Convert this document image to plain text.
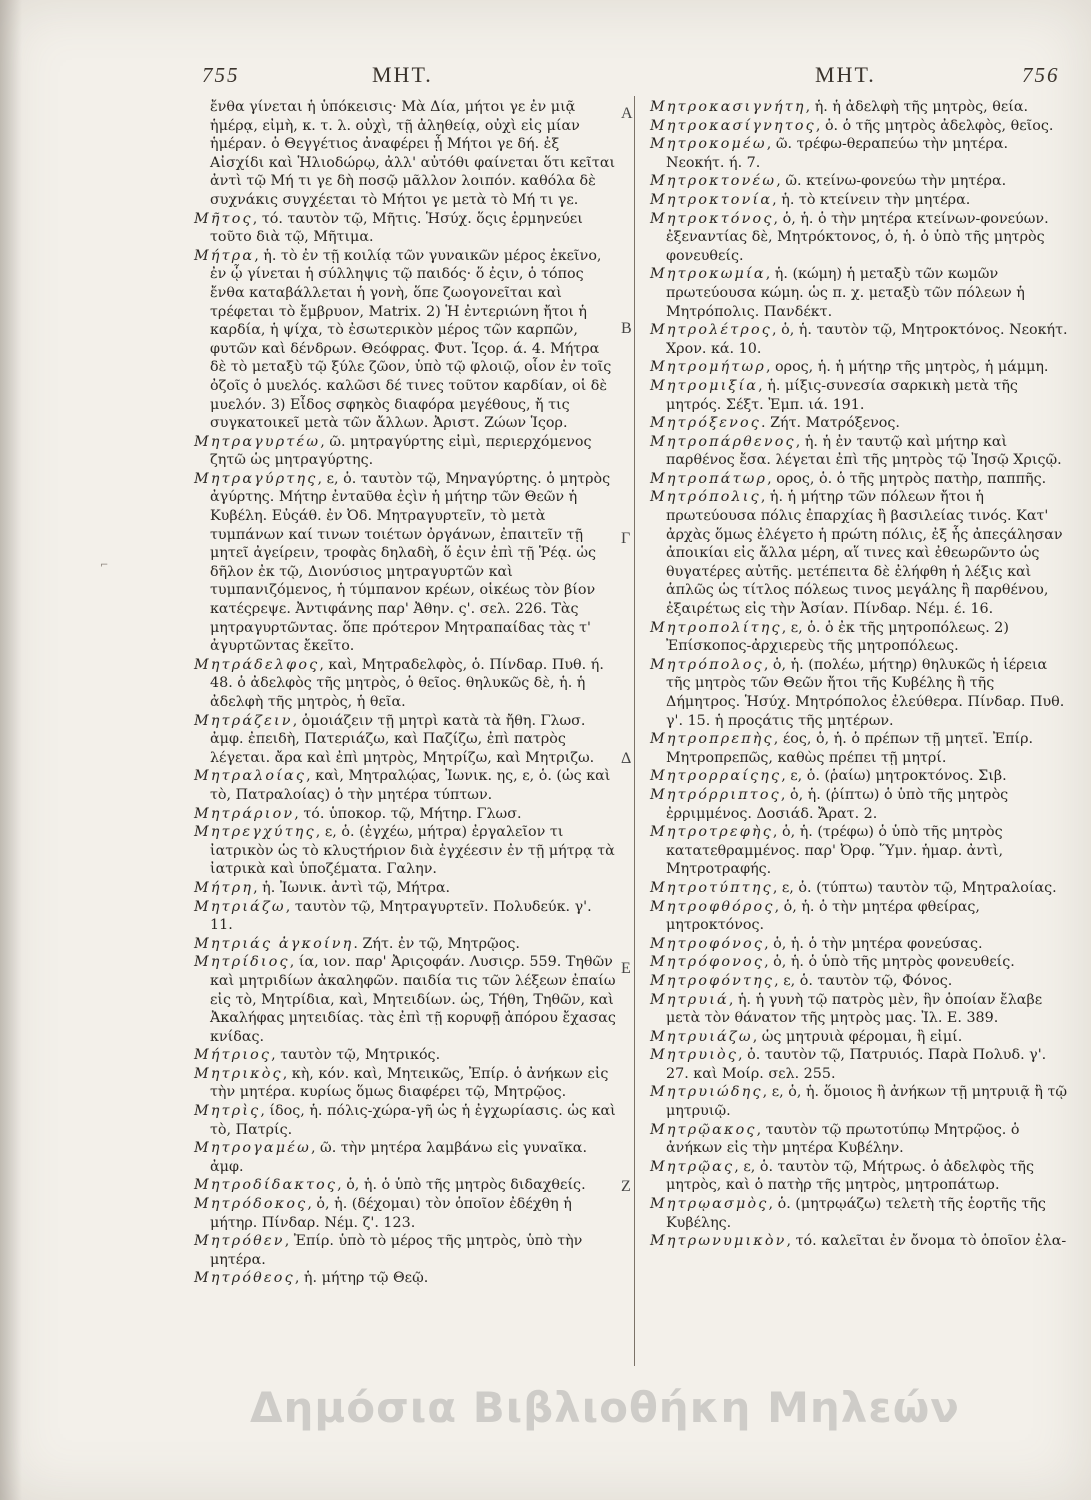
⌐
755	ΜΗΤ.	ΜΗΤ.	756
Α
Β
Γ
Δ
Ε
Ζ
ἔνθα γίνεται ἡ ὑπόκεισις· Μὰ Δία, μήτοι γε ἐν μιᾷ ἡμέρᾳ, εἰμὴ, κ. τ. λ. οὐχὶ, τῇ ἀληθείᾳ, οὐχὶ εἰς μίαν ἡμέραν. ὁ Θεγγέτιος ἀναφέρει ᾗ Μήτοι γε δή. ἐξ Αἰσχίδι καὶ Ἡλιοδώρῳ, ἀλλ' αὐτόθι φαίνεται ὅτι κεῖται ἀντὶ τῷ Μή τι γε δὴ ποσῷ μᾶλλον λοιπόν. καθόλα δὲ συχνάκις συγχέεται τὸ Μήτοι γε μετὰ τὸ Μή τι γε.
Μῆτος, τό. ταυτὸν τῷ, Μῆτις. Ἡσύχ. ὅςις ἑρμηνεύει τοῦτο διὰ τῷ, Μῆτιμα.
Μήτρα, ἡ. τὸ ἐν τῇ κοιλίᾳ τῶν γυναικῶν μέρος ἐκεῖνο, ἐν ᾧ γίνεται ἡ σύλληψις τῷ παιδός· ὅ ἐςιν, ὁ τόπος ἔνθα καταβάλλεται ἡ γονὴ, ὅπε ζωογονεῖται καὶ τρέφεται τὸ ἔμβρυον, Matrix. 2) Ἡ ἐντεριώνη ἤτοι ἡ καρδία, ἡ ψίχα, τὸ ἐσωτερικὸν μέρος τῶν καρπῶν, φυτῶν καὶ δένδρων. Θεόφρας. Φυτ. Ἱςορ. ά. 4. Μήτρα δὲ τὸ μεταξὺ τῷ ξύλε ζῶον, ὑπὸ τῷ φλοιῷ, οἷον ἐν τοῖς ὀζοῖς ὁ μυελός. καλῶσι δέ τινες τοῦτον καρδίαν, οἱ δὲ μυελόν. 3) Εἶδος σφηκὸς διαφόρα μεγέθους, ἤ τις συγκατοικεῖ μετὰ τῶν ἄλλων. Ἀριστ. Ζώων Ἱςορ.
Μητραγυρτέω, ῶ. μητραγύρτης εἰμὶ, περιερχόμενος ζητῶ ὡς μητραγύρτης.
Μητραγύρτης, ε, ὁ. ταυτὸν τῷ, Μηναγύρτης. ὁ μητρὸς ἀγύρτης. Μήτηρ ἐνταῦθα ἐςὶν ἡ μήτηρ τῶν Θεῶν ἡ Κυβέλη. Εὐςάθ. ἐν Ὀδ. Μητραγυρτεῖν, τὸ μετὰ τυμπάνων καί τινων τοιέτων ὀργάνων, ἐπαιτεῖν τῇ μητεῖ ἀγείρειν, τροφὰς δηλαδὴ, ὅ ἐςιν ἐπὶ τῇ Ῥέᾳ. ὡς δῆλον ἐκ τῷ, Διονύσιος μητραγυρτῶν καὶ τυμπανιζόμενος, ἡ τύμπανον κρέων, οἱκέως τὸν βίον κατέςρεψε. Ἀντιφάνης παρ' Ἀθην. ς'. σελ. 226. Τὰς μητραγυρτῶντας. ὅπε πρότερον Μητραπαίδας τὰς τ' ἀγυρτῶντας ἔκεῖτο.
Μητράδελφος, καὶ, Μητραδελφὸς, ὁ. Πίνδαρ. Πυθ. ή. 48. ὁ ἀδελφὸς τῆς μητρὸς, ὁ θεῖος. θηλυκῶς δὲ, ἡ. ἡ ἀδελφὴ τῆς μητρὸς, ἡ θεῖα.
Μητράζειν, ὁμοιάζειν τῇ μητρὶ κατὰ τὰ ἤθη. Γλωσ. ἀμφ. ἐπειδὴ, Πατεριάζω, καὶ Παζίζω, ἐπὶ πατρὸς λέγεται. ἄρα καὶ ἐπὶ μητρὸς, Μητρίζω, καὶ Μητριζω.
Μητραλοίας, καὶ, Μητραλῴας, Ἰωνικ. ης, ε, ὁ. (ὡς καὶ τὸ, Πατραλοίας) ὁ τὴν μητέρα τύπτων.
Μητράριον, τό. ὑποκορ. τῷ, Μήτηρ. Γλωσ.
Μητρεγχύτης, ε, ὁ. (ἐγχέω, μήτρα) ἐργαλεῖον τι ἰατρικὸν ὡς τὸ κλυςτήριον διὰ ἐγχέεσιν ἐν τῇ μήτρᾳ τὰ ἰατρικὰ καὶ ὑποζέματα. Γαλην.
Μήτρη, ἡ. Ἰωνικ. ἀντὶ τῷ, Μήτρα.
Μητριάζω, ταυτὸν τῷ, Μητραγυρτεῖν. Πολυδεύκ. γ'. 11.
Μητριάς ἀγκοίνη. Ζήτ. ἐν τῷ, Μητρῷος.
Μητρίδιος, ία, ιον. παρ' Ἀριςοφάν. Λυσιςρ. 559. Τηθῶν καὶ μητριδίων ἀκαληφῶν. παιδία τις τῶν λέξεων ἐπαίω εἰς τὸ, Μητρίδια, καὶ, Μητειδίων. ὡς, Τήθη, Τηθῶν, καὶ Ἀκαλήφας μητειδίας. τὰς ἐπὶ τῇ κορυφῇ ἀπόρου ἔχασας κνίδας.
Μήτριος, ταυτὸν τῷ, Μητρικός.
Μητρικὸς, κὴ, κόν. καὶ, Μητεικῶς, Ἐπίρ. ὁ ἀνήκων εἰς τὴν μητέρα. κυρίως ὅμως διαφέρει τῷ, Μητρῷος.
Μητρὶς, ίδος, ἡ. πόλις-χώρα-γῆ ὡς ἡ ἐγχωρίασις. ὡς καὶ τὸ, Πατρίς.
Μητρογαμέω, ῶ. τὴν μητέρα λαμβάνω εἰς γυναῖκα. ἀμφ.
Μητροδίδακτος, ὁ, ἡ. ὁ ὑπὸ τῆς μητρὸς διδαχθείς.
Μητρόδοκος, ὁ, ἡ. (δέχομαι) τὸν ὁποῖον ἐδέχθη ἡ μήτηρ. Πίνδαρ. Νέμ. ζ'. 123.
Μητρόθεν, Ἐπίρ. ὑπὸ τὸ μέρος τῆς μητρὸς, ὑπὸ τὴν μητέρα.
Μητρόθεος, ἡ. μήτηρ τῷ Θεῷ.
Μητροκασιγνήτη, ἡ. ἡ ἀδελφὴ τῆς μητρὸς, θεία.
Μητροκασίγνητος, ὁ. ὁ τῆς μητρὸς ἀδελφὸς, θεῖος.
Μητροκομέω, ῶ. τρέφω-θεραπεύω τὴν μητέρα. Νεοκήτ. ή. 7.
Μητροκτονέω, ῶ. κτείνω-φονεύω τὴν μητέρα.
Μητροκτονία, ἡ. τὸ κτείνειν τὴν μητέρα.
Μητροκτόνος, ὁ, ἡ. ὁ τὴν μητέρα κτείνων-φονεύων. ἐξεναντίας δὲ, Μητρόκτονος, ὁ, ἡ. ὁ ὑπὸ τῆς μητρὸς φονευθείς.
Μητροκωμία, ἡ. (κώμη) ἡ μεταξὺ τῶν κωμῶν πρωτεύουσα κώμη. ὡς π. χ. μεταξὺ τῶν πόλεων ἡ Μητρόπολις. Πανδέκτ.
Μητρολέτρος, ὁ, ἡ. ταυτὸν τῷ, Μητροκτόνος. Νεοκήτ. Χρον. κά. 10.
Μητρομήτωρ, ορος, ἡ. ἡ μήτηρ τῆς μητρὸς, ἡ μάμμη.
Μητρομιξία, ἡ. μίξις-συνεσία σαρκικὴ μετὰ τῆς μητρός. Σέξτ. Ἐμπ. ιά. 191.
Μητρόξενος. Ζήτ. Ματρόξενος.
Μητροπάρθενος, ἡ. ἡ ἐν ταυτῷ καὶ μήτηρ καὶ παρθένος ἔσα. λέγεται ἐπὶ τῆς μητρὸς τῷ Ἰησῷ Χριςῷ.
Μητροπάτωρ, ορος, ὁ. ὁ τῆς μητρὸς πατὴρ, παππῆς.
Μητρόπολις, ἡ. ἡ μήτηρ τῶν πόλεων ἤτοι ἡ πρωτεύουσα πόλις ἐπαρχίας ἢ βασιλείας τινός. Κατ' ἀρχὰς ὅμως ἐλέγετο ἡ πρώτη πόλις, ἐξ ἧς ἀπεςάλησαν ἀποικίαι εἰς ἄλλα μέρη, αἵ τινες καὶ ἐθεωρῶντο ὡς θυγατέρες αὐτῆς. μετέπειτα δὲ ἐλήφθη ἡ λέξις καὶ ἁπλῶς ὡς τίτλος πόλεως τινος μεγάλης ἢ παρθένου, ἐξαιρέτως εἰς τὴν Ἀσίαν. Πίνδαρ. Νέμ. έ. 16.
Μητροπολίτης, ε, ὁ. ὁ ἐκ τῆς μητροπόλεως. 2) Ἐπίσκοπος-ἀρχιερεὺς τῆς μητροπόλεως.
Μητρόπολος, ὁ, ἡ. (πολέω, μήτηρ) θηλυκῶς ἡ ἱέρεια τῆς μητρὸς τῶν Θεῶν ἤτοι τῆς Κυβέλης ἢ τῆς Δήμητρος. Ἡσύχ. Μητρόπολος ἐλεύθερα. Πίνδαρ. Πυθ. γ'. 15. ἡ προςάτις τῆς μητέρων.
Μητροπρεπὴς, έος, ὁ, ἡ. ὁ πρέπων τῇ μητεῖ. Ἐπίρ. Μητροπρεπῶς, καθὼς πρέπει τῇ μητρί.
Μητρορραίςης, ε, ὁ. (ῥαίω) μητροκτόνος. Σιβ.
Μητρόρριπτος, ὁ, ἡ. (ῥίπτω) ὁ ὑπὸ τῆς μητρὸς ἐρριμμένος. Δοσιάδ. Ἄρατ. 2.
Μητροτρεφὴς, ὁ, ἡ. (τρέφω) ὁ ὑπὸ τῆς μητρὸς κατατεθραμμένος. παρ' Ὀρφ. Ὕμν. ἡμαρ. ἀντὶ, Μητροτραφής.
Μητροτύπτης, ε, ὁ. (τύπτω) ταυτὸν τῷ, Μητραλοίας.
Μητροφθόρος, ὁ, ἡ. ὁ τὴν μητέρα φθείρας, μητροκτόνος.
Μητροφόνος, ὁ, ἡ. ὁ τὴν μητέρα φονεύσας.
Μητρόφονος, ὁ, ἡ. ὁ ὑπὸ τῆς μητρὸς φονευθείς.
Μητροφόντης, ε, ὁ. ταυτὸν τῷ, Φόνος.
Μητρυιά, ἡ. ἡ γυνὴ τῷ πατρὸς μὲν, ἣν ὁποίαν ἔλαβε μετὰ τὸν θάνατον τῆς μητρὸς μας. Ἰλ. Ε. 389.
Μητρυιάζω, ὡς μητρυιὰ φέρομαι, ἢ εἰμί.
Μητρυιὸς, ὁ. ταυτὸν τῷ, Πατρυιός. Παρὰ Πολυδ. γ'. 27. καὶ Μοίρ. σελ. 255.
Μητρυιώδης, ε, ὁ, ἡ. ὅμοιος ἢ ἀνήκων τῇ μητρυιᾷ ἢ τῷ μητρυιῷ.
Μητρῷακος, ταυτὸν τῷ πρωτοτύπῳ Μητρῷος. ὁ ἀνήκων εἰς τὴν μητέρα Κυβέλην.
Μητρῷας, ε, ὁ. ταυτὸν τῷ, Μήτρως. ὁ ἀδελφὸς τῆς μητρὸς, καὶ ὁ πατὴρ τῆς μητρὸς, μητροπάτωρ.
Μητρῳασμὸς, ὁ. (μητρῳάζω) τελετὴ τῆς ἑορτῆς τῆς Κυβέλης.
Μητρωνυμικὸν, τό. καλεῖται ἐν ὄνομα τὸ ὁποῖον ἐλα-
Δημόσια Βιβλιοθήκη Μηλεών
